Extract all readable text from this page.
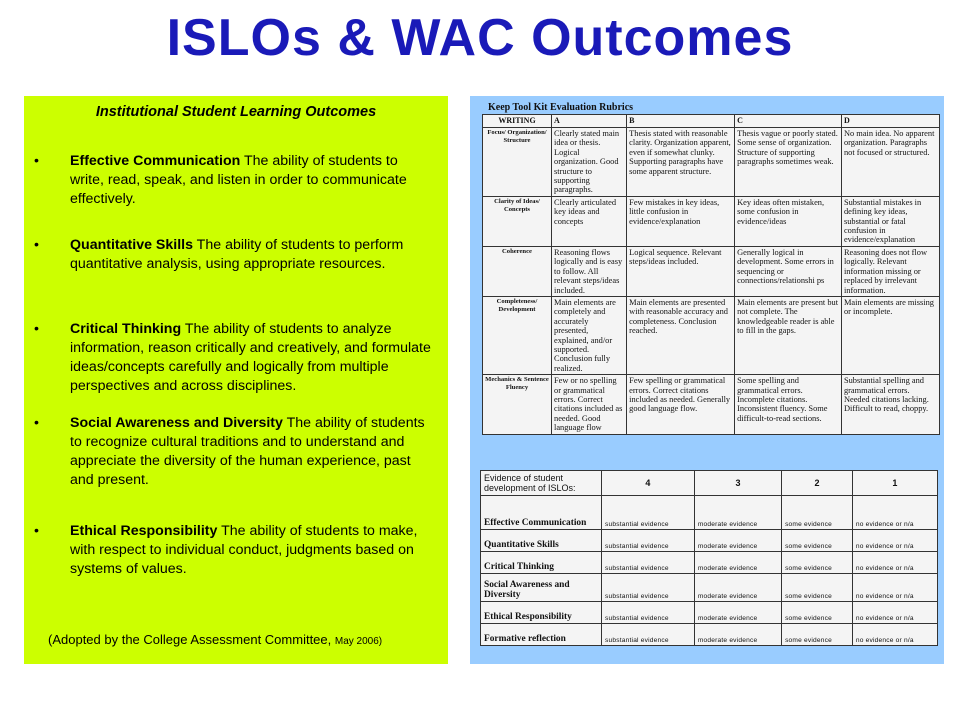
ISLOs & WAC Outcomes
Institutional Student Learning Outcomes
• Effective Communication The ability of students to write, read, speak, and listen in order to communicate effectively.
• Quantitative Skills The ability of students to perform quantitative analysis, using appropriate resources.
• Critical Thinking The ability of students to analyze information, reason critically and creatively, and formulate ideas/concepts carefully and logically from multiple perspectives and across disciplines.
• Social Awareness and Diversity The ability of students to recognize cultural traditions and to understand and appreciate the diversity of the human experience, past and present.
• Ethical Responsibility The ability of students to make, with respect to individual conduct, judgments based on systems of values.
(Adopted by the College Assessment Committee, May 2006)
Keep Tool Kit Evaluation Rubrics
WRITING	A	B	C	D
Focus/ Organization/ Structure	Clearly stated main idea or thesis. Logical organization. Good structure to supporting paragraphs.	Thesis stated with reasonable clarity. Organization apparent, even if somewhat clunky. Supporting paragraphs have some apparent structure.	Thesis vague or poorly stated. Some sense of organization. Structure of supporting paragraphs sometimes weak.	No main idea. No apparent organization. Paragraphs not focused or structured.
Clarity of Ideas/ Concepts	Clearly articulated key ideas and concepts	Few mistakes in key ideas, little confusion in evidence/explanation	Key ideas often mistaken, some confusion in evidence/ideas	Substantial mistakes in defining key ideas, substantial or fatal confusion in evidence/explanation
Coherence	Reasoning flows logically and is easy to follow. All relevant steps/ideas included.	Logical sequence. Relevant steps/ideas included.	Generally logical in development. Some errors in sequencing or connections/relationshi ps	Reasoning does not flow logically. Relevant information missing or replaced by irrelevant information.
Completeness/ Development	Main elements are completely and accurately presented, explained, and/or supported. Conclusion fully realized.	Main elements are presented with reasonable accuracy and completeness. Conclusion reached.	Main elements are present but not complete. The knowledgeable reader is able to fill in the gaps.	Main elements are missing or incomplete.
Mechanics & Sentence Fluency	Few or no spelling or grammatical errors. Correct citations included as needed. Good language flow	Few spelling or grammatical errors. Correct citations included as needed. Generally good language flow.	Some spelling and grammatical errors. Incomplete citations. Inconsistent fluency. Some difficult-to-read sections.	Substantial spelling and grammatical errors. Needed citations lacking. Difficult to read, choppy.
Evidence of student development of ISLOs:	4	3	2	1
Effective Communication	substantial evidence	moderate evidence	some evidence	no evidence or n/a
Quantitative Skills	substantial evidence	moderate evidence	some evidence	no evidence or n/a
Critical Thinking	substantial evidence	moderate evidence	some evidence	no evidence or n/a
Social Awareness and Diversity	substantial evidence	moderate evidence	some evidence	no evidence or n/a
Ethical Responsibility	substantial evidence	moderate evidence	some evidence	no evidence or n/a
Formative reflection	substantial evidence	moderate evidence	some evidence	no evidence or n/a
